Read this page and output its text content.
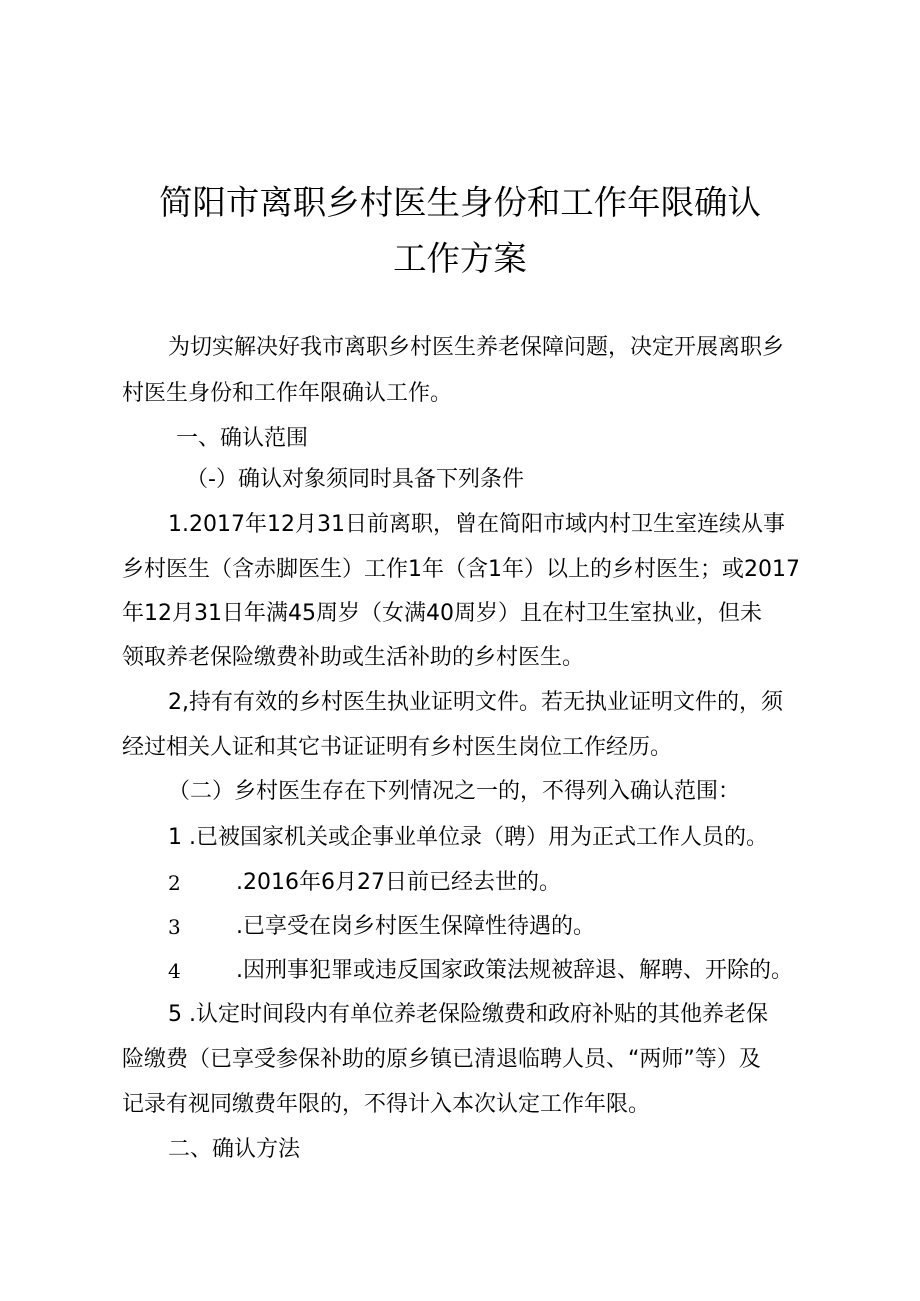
简阳市离职乡村医生身份和工作年限确认
工作方案
为切实解决好我市离职乡村医生养老保障问题，决定开展离职乡
村医生身份和工作年限确认工作。
一、确认范围
（-）确认对象须同时具备下列条件
1.2017年12月31日前离职，曾在简阳市域内村卫生室连续从事
乡村医生（含赤脚医生）工作1年（含1年）以上的乡村医生；或2017
年12月31日年满45周岁（女满40周岁）且在村卫生室执业，但未
领取养老保险缴费补助或生活补助的乡村医生。
2,持有有效的乡村医生执业证明文件。若无执业证明文件的，须
经过相关人证和其它书证证明有乡村医生岗位工作经历。
（二）乡村医生存在下列情况之一的，不得列入确认范围：
1 .已被国家机关或企事业单位录（聘）用为正式工作人员的。
2	.2016年6月27日前已经去世的。
3	.已享受在岗乡村医生保障性待遇的。
4	.因刑事犯罪或违反国家政策法规被辞退、解聘、开除的。
5 .认定时间段内有单位养老保险缴费和政府补贴的其他养老保
险缴费（已享受参保补助的原乡镇已清退临聘人员、“两师”等）及
记录有视同缴费年限的，不得计入本次认定工作年限。
二、确认方法
